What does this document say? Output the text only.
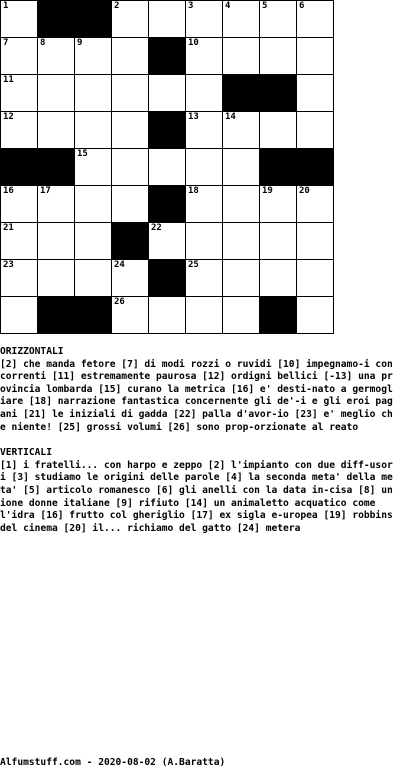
1	2	3	4	5	6
7	8	9	10
11
12	13	14
15
16	17	18	19	20
21	22
23	24	25
26

ORIZZONTALI

[2] che manda fetore [7] di modi rozzi o ruvidi [10] impegnamo-i concorrenti [11] estremamente paurosa [12] ordigni bellici [-13] una provincia lombarda [15] curano la metrica [16] e' desti-nato a germogliare [18] narrazione fantastica concernente gli de'-i e gli eroi pagani [21] le iniziali di gadda [22] palla d'avor-io [23] e' meglio che niente! [25] grossi volumi [26] sono prop-orzionate al reato

VERTICALI

[1] i fratelli... con harpo e zeppo [2] l'impianto con due diff-usori [3] studiamo le origini delle parole [4] la seconda meta' della meta' [5] articolo romanesco [6] gli anelli con la data in-cisa [8] unione donne italiane [9] rifiuto [14] un animaletto acquatico come l'idra [16] frutto col gheriglio [17] ex sigla e-uropea [19] robbins del cinema [20] il... richiamo del gatto [24] metera

Alfumstuff.com - 2020-08-02 (A.Baratta)
